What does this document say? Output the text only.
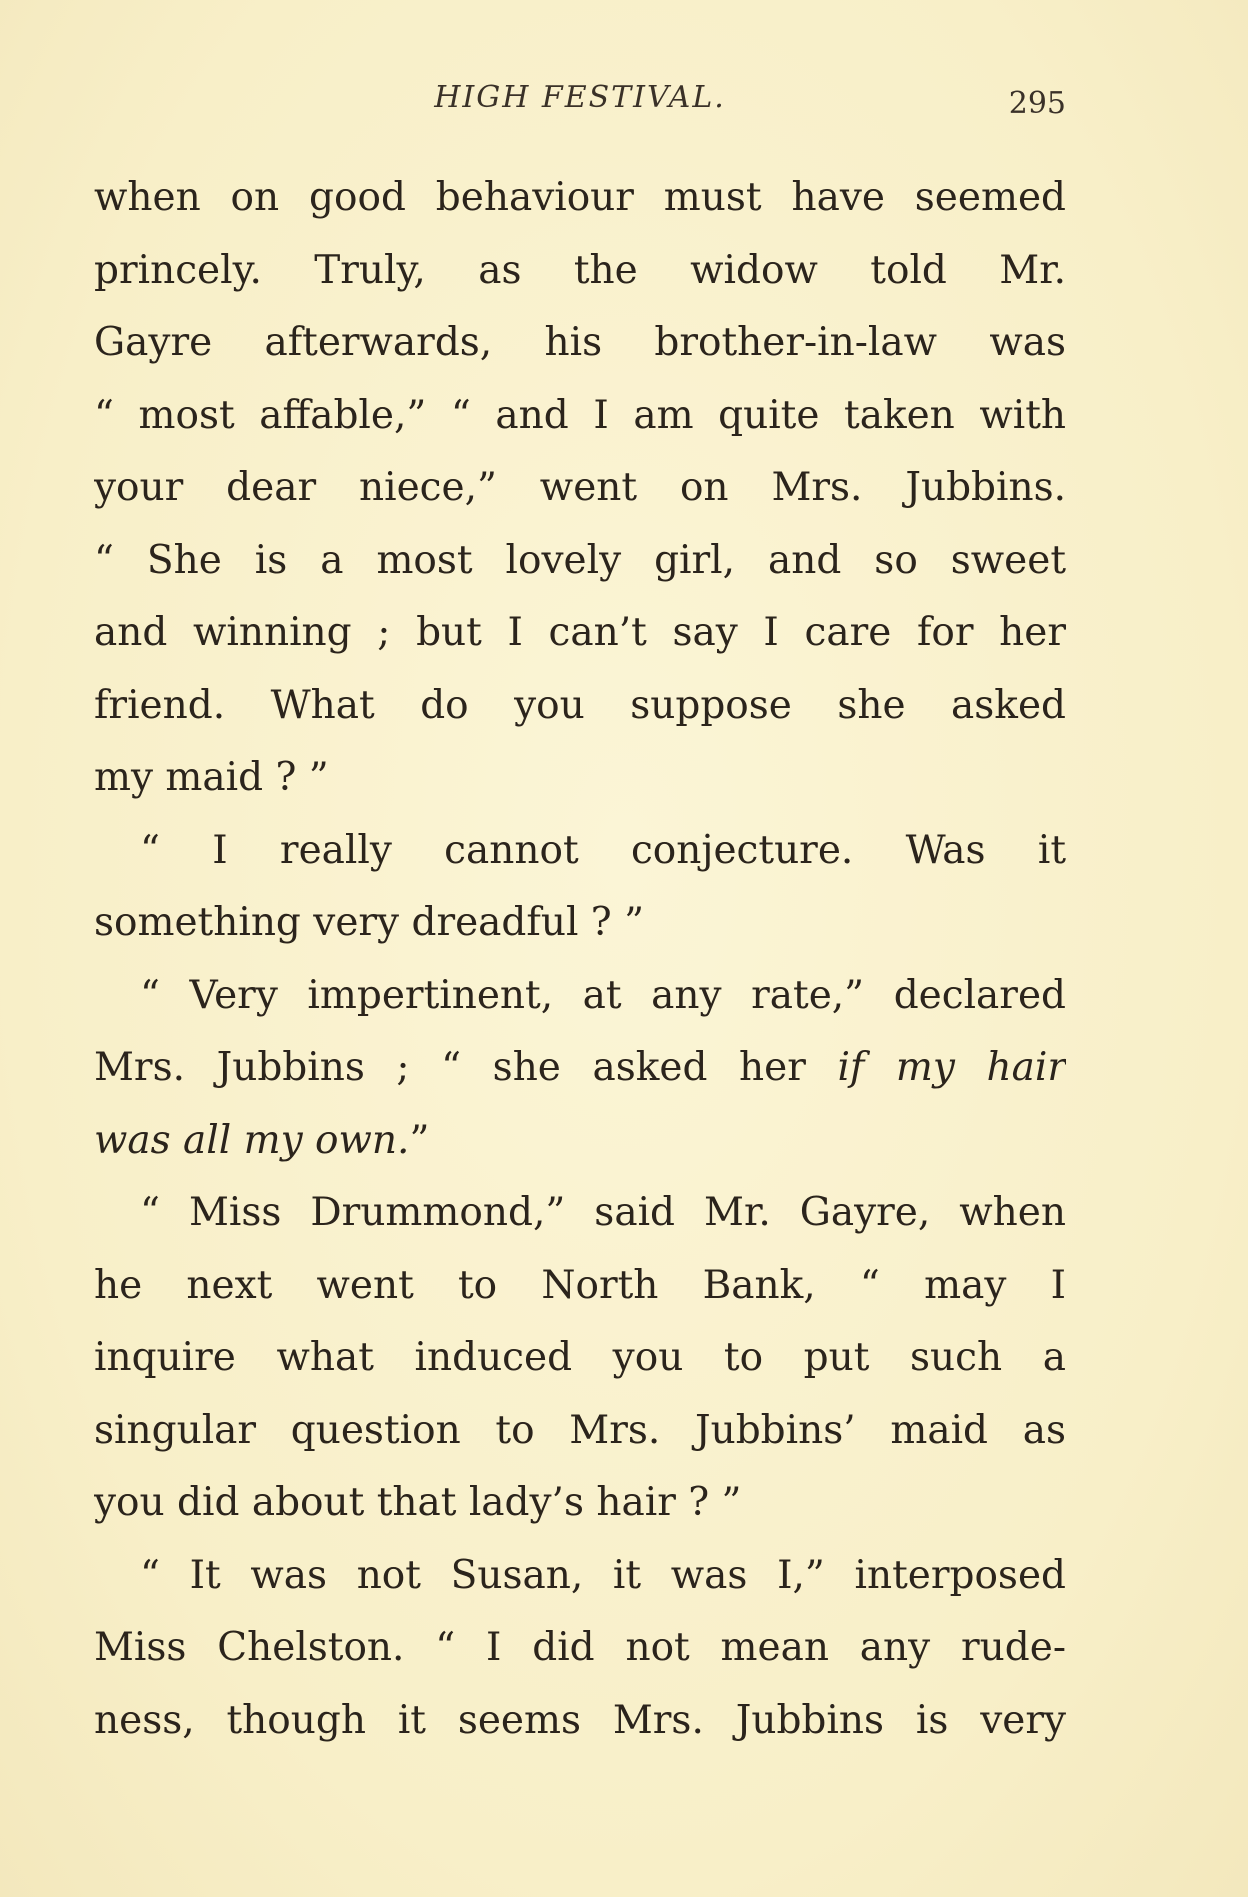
HIGH FESTIVAL.	295
when on good behaviour must have seemed
princely. Truly, as the widow told Mr.
Gayre afterwards, his brother-in-law was
“ most affable,” “ and I am quite taken with
your dear niece,” went on Mrs. Jubbins.
“ She is a most lovely girl, and so sweet
and winning ; but I can’t say I care for her
friend. What do you suppose she asked
my maid ? ”
“ I really cannot conjecture. Was it
something very dreadful ? ”
“ Very impertinent, at any rate,” declared
Mrs. Jubbins ; “ she asked her if my hair
was all my own.”
“ Miss Drummond,” said Mr. Gayre, when
he next went to North Bank, “ may I
inquire what induced you to put such a
singular question to Mrs. Jubbins’ maid as
you did about that lady’s hair ? ”
“ It was not Susan, it was I,” interposed
Miss Chelston. “ I did not mean any rude-
ness, though it seems Mrs. Jubbins is very
